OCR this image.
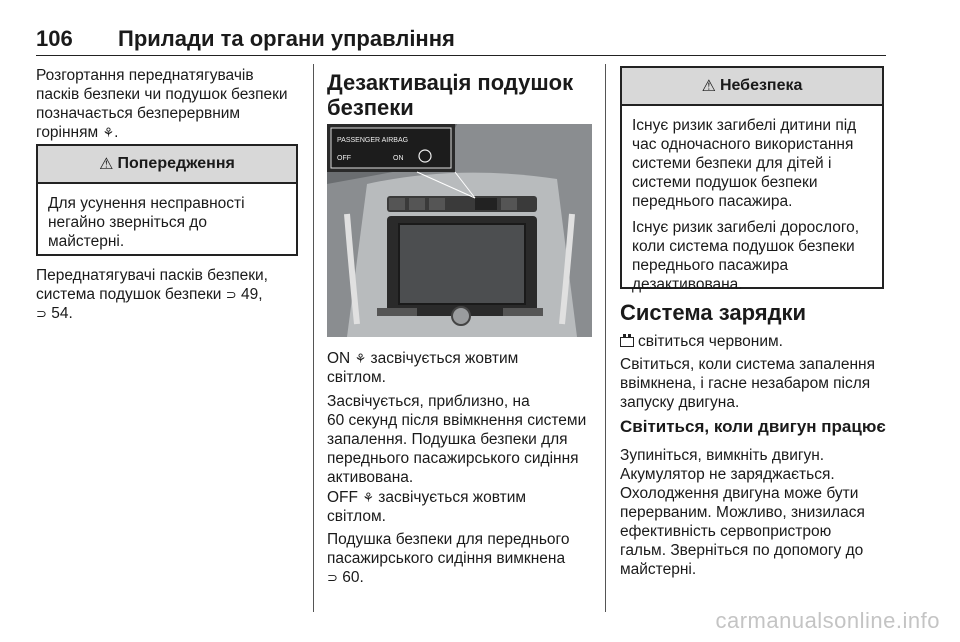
106 Прилади та органи управління
Розгортання переднатягувачів
пасків безпеки чи подушок безпеки
позначається безперервним
горінням ⚘.
⚠ Попередження
Для усунення несправності
негайно зверніться до
майстерні.
Переднатягувачі пасків безпеки,
система подушок безпеки ⊃ 49,
⊃ 54.
Дезактивація подушок
безпеки
PASSENGER AIRBAG
OFF	ON
ON ⚘ засвічується жовтим
світлом.
Засвічується, приблизно, на
60 секунд після ввімкнення системи
запалення. Подушка безпеки для
переднього пасажирського сидіння
активована.
OFF ⚘ засвічується жовтим
світлом.
Подушка безпеки для переднього
пасажирського сидіння вимкнена
⊃ 60.
⚠ Небезпека

Існує ризик загибелі дитини під
час одночасного використання
системи безпеки для дітей і
системи подушок безпеки
переднього пасажира.

Існує ризик загибелі дорослого,
коли система подушок безпеки
переднього пасажира
дезактивована.

Система зарядки
світиться червоним.
Світиться, коли система запалення
ввімкнена, і гасне незабаром після
запуску двигуна.
Світиться, коли двигун працює
Зупиніться, вимкніть двигун.
Акумулятор не заряджається.
Охолодження двигуна може бути
перерваним. Можливо, знизилася
ефективність сервопристрою
гальм. Зверніться по допомогу до
майстерні.
carmanualsonline.info
